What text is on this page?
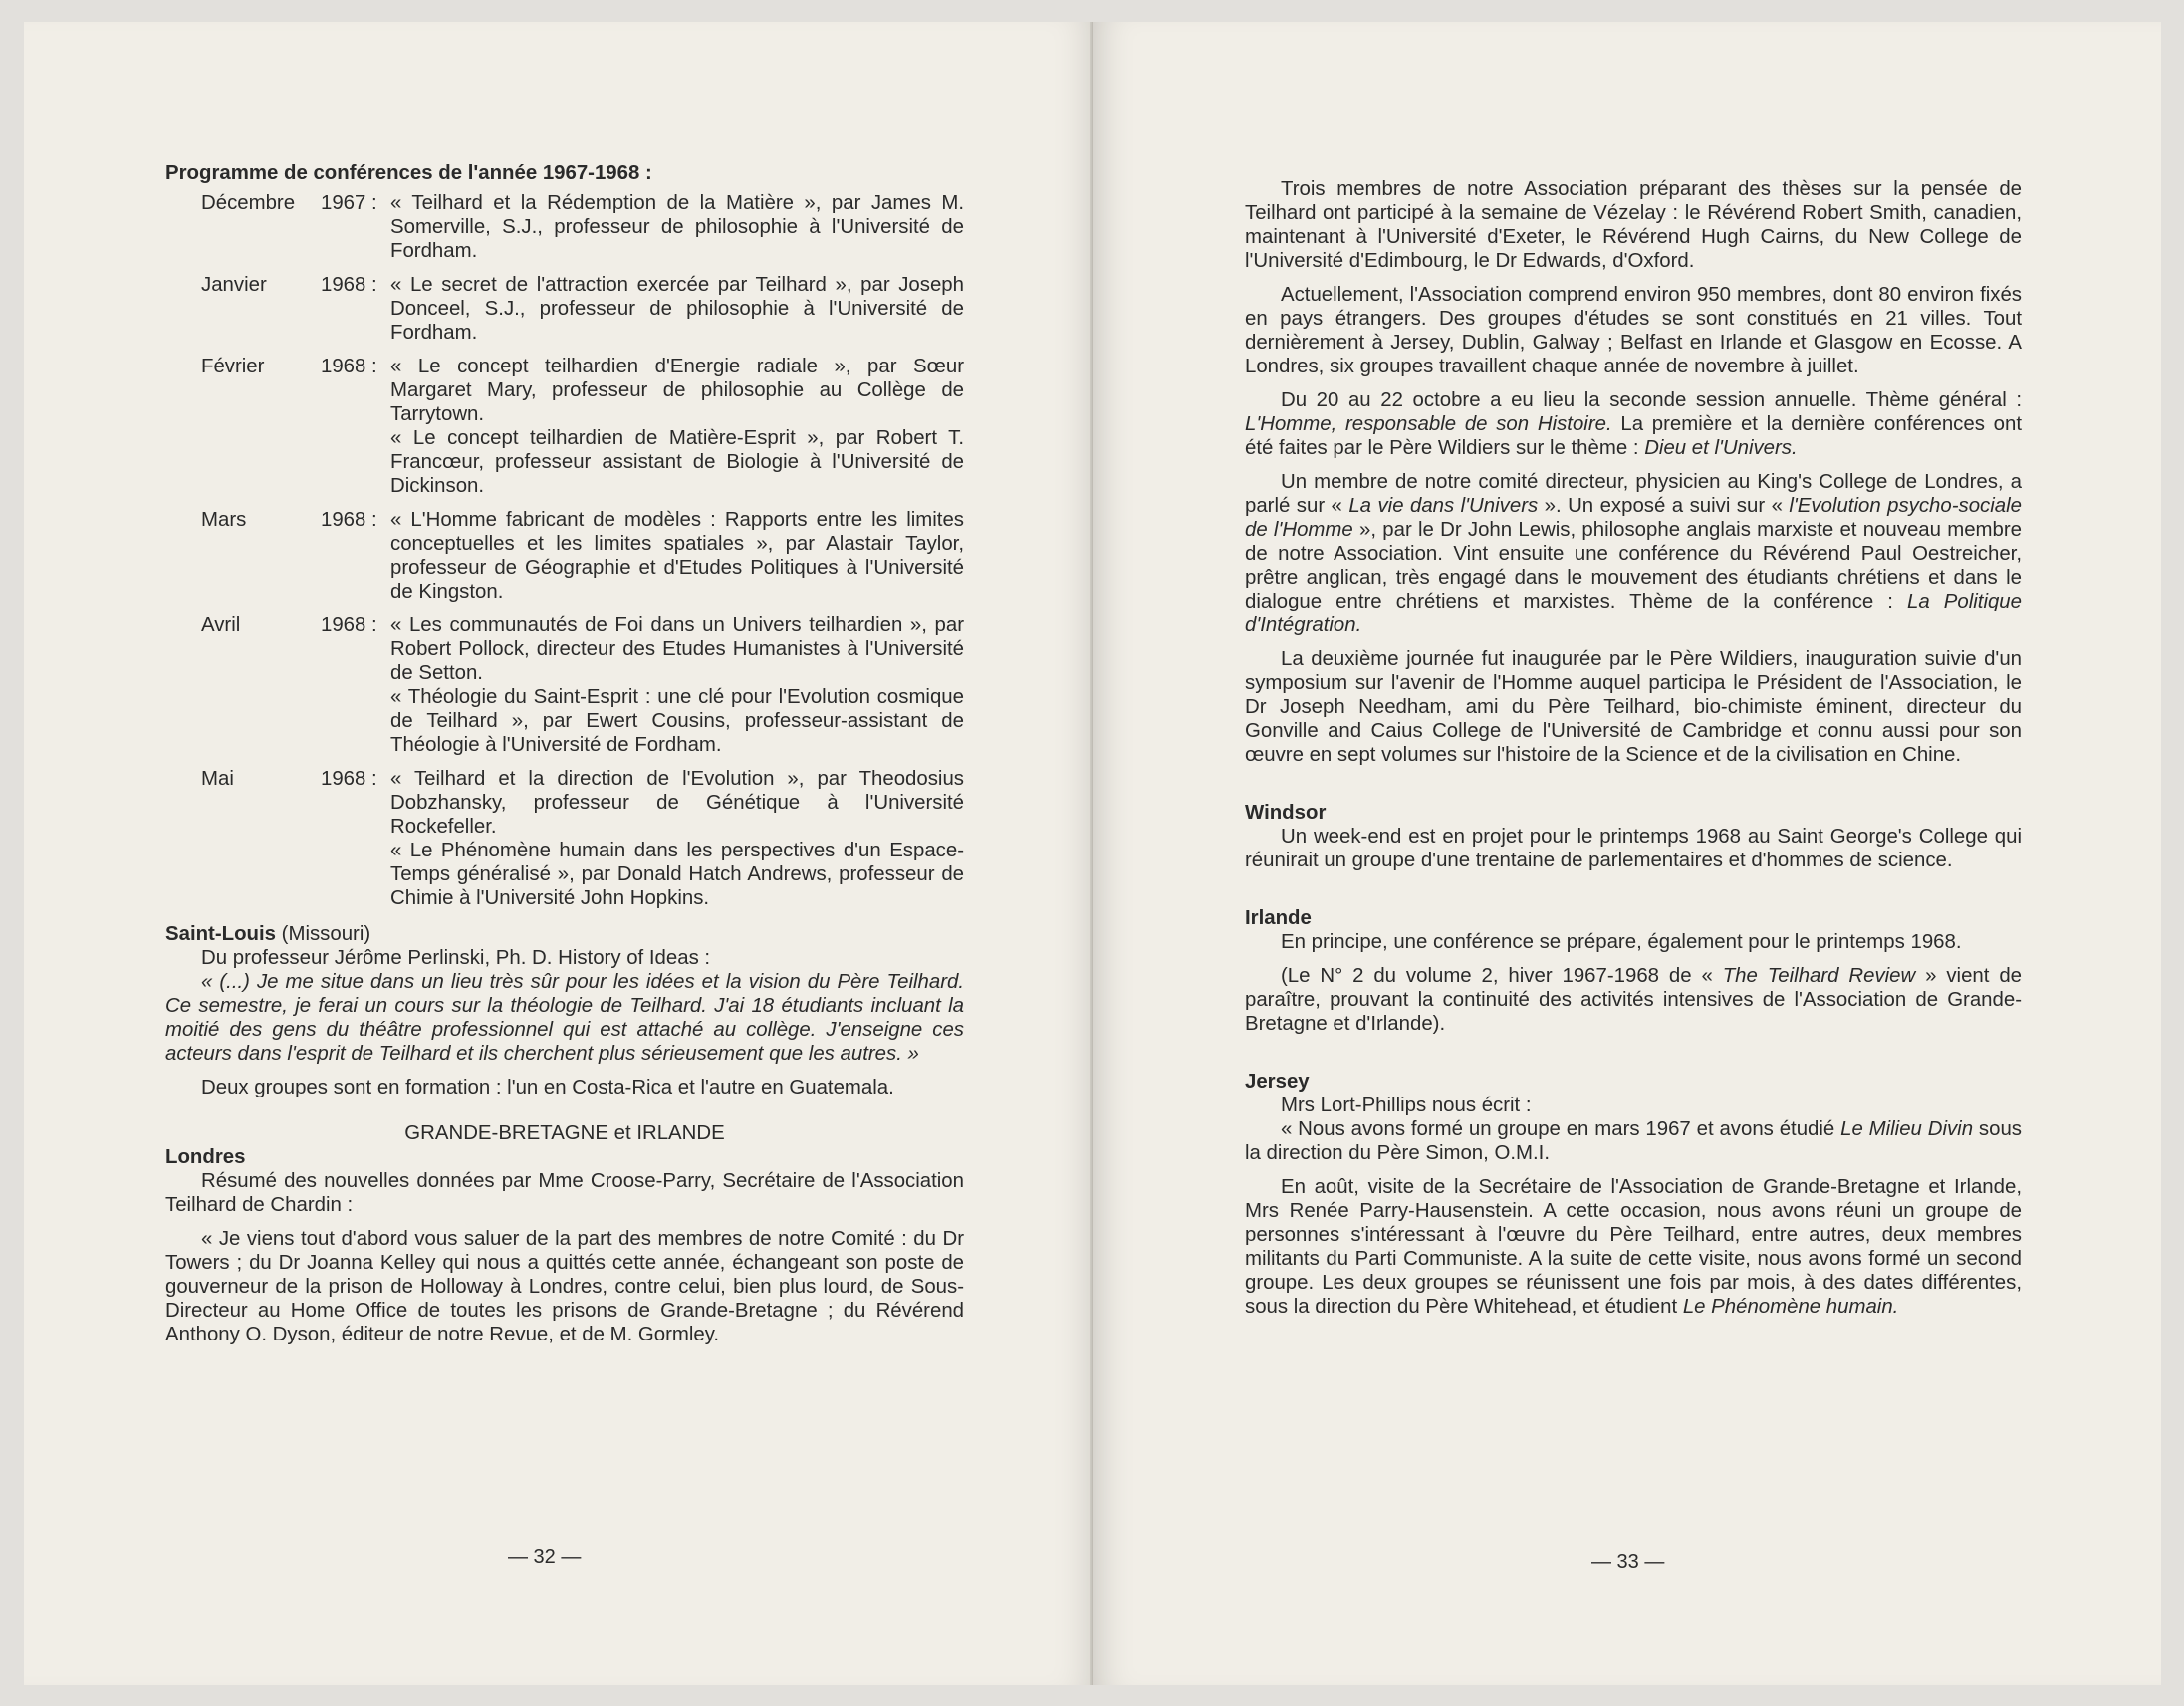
Programme de conférences de l'année 1967-1968 :

Décembre	1967 : « Teilhard et la Rédemption de la Matière », par James M. Somerville, S.J., professeur de philosophie à l'Université de Fordham.

Janvier	1968 : « Le secret de l'attraction exercée par Teilhard », par Joseph Donceel, S.J., professeur de philosophie à l'Université de Fordham.

Février	1968 : « Le concept teilhardien d'Energie radiale », par Sœur Margaret Mary, professeur de philosophie au Collège de Tarrytown.

« Le concept teilhardien de Matière-Esprit », par Robert T. Francœur, professeur assistant de Biologie à l'Université de Dickinson.

Mars	1968 : « L'Homme fabricant de modèles : Rapports entre les limites conceptuelles et les limites spatiales », par Alastair Taylor, professeur de Géographie et d'Etudes Politiques à l'Université de Kingston.

Avril	1968 : « Les communautés de Foi dans un Univers teilhardien », par Robert Pollock, directeur des Etudes Humanistes à l'Université de Setton.

« Théologie du Saint-Esprit : une clé pour l'Evolution cosmique de Teilhard », par Ewert Cousins, professeur-assistant de Théologie à l'Université de Fordham.

Mai	1968 : « Teilhard et la direction de l'Evolution », par Theodosius Dobzhansky, professeur de Génétique à l'Université Rockefeller.

« Le Phénomène humain dans les perspectives d'un Espace-Temps généralisé », par Donald Hatch Andrews, professeur de Chimie à l'Université John Hopkins.

Saint-Louis (Missouri)

Du professeur Jérôme Perlinski, Ph. D. History of Ideas :

« (...) Je me situe dans un lieu très sûr pour les idées et la vision du Père Teilhard. Ce semestre, je ferai un cours sur la théologie de Teilhard. J'ai 18 étudiants incluant la moitié des gens du théâtre professionnel qui est attaché au collège. J'enseigne ces acteurs dans l'esprit de Teilhard et ils cherchent plus sérieusement que les autres. »

Deux groupes sont en formation : l'un en Costa-Rica et l'autre en Guatemala.

GRANDE-BRETAGNE et IRLANDE

Londres

Résumé des nouvelles données par Mme Croose-Parry, Secrétaire de l'Association Teilhard de Chardin :

« Je viens tout d'abord vous saluer de la part des membres de notre Comité : du Dr Towers ; du Dr Joanna Kelley qui nous a quittés cette année, échangeant son poste de gouverneur de la prison de Holloway à Londres, contre celui, bien plus lourd, de Sous-Directeur au Home Office de toutes les prisons de Grande-Bretagne ; du Révérend Anthony O. Dyson, éditeur de notre Revue, et de M. Gormley.

— 32 —

Trois membres de notre Association préparant des thèses sur la pensée de Teilhard ont participé à la semaine de Vézelay : le Révérend Robert Smith, canadien, maintenant à l'Université d'Exeter, le Révérend Hugh Cairns, du New College de l'Université d'Edimbourg, le Dr Edwards, d'Oxford.

Actuellement, l'Association comprend environ 950 membres, dont 80 environ fixés en pays étrangers. Des groupes d'études se sont constitués en 21 villes. Tout dernièrement à Jersey, Dublin, Galway ; Belfast en Irlande et Glasgow en Ecosse. A Londres, six groupes travaillent chaque année de novembre à juillet.

Du 20 au 22 octobre a eu lieu la seconde session annuelle. Thème général : L'Homme, responsable de son Histoire. La première et la dernière conférences ont été faites par le Père Wildiers sur le thème : Dieu et l'Univers.

Un membre de notre comité directeur, physicien au King's College de Londres, a parlé sur « La vie dans l'Univers ». Un exposé a suivi sur « l'Evolution psycho-sociale de l'Homme », par le Dr John Lewis, philosophe anglais marxiste et nouveau membre de notre Association. Vint ensuite une conférence du Révérend Paul Oestreicher, prêtre anglican, très engagé dans le mouvement des étudiants chrétiens et dans le dialogue entre chrétiens et marxistes. Thème de la conférence : La Politique d'Intégration.

La deuxième journée fut inaugurée par le Père Wildiers, inauguration suivie d'un symposium sur l'avenir de l'Homme auquel participa le Président de l'Association, le Dr Joseph Needham, ami du Père Teilhard, bio-chimiste éminent, directeur du Gonville and Caius College de l'Université de Cambridge et connu aussi pour son œuvre en sept volumes sur l'histoire de la Science et de la civilisation en Chine.

Windsor

Un week-end est en projet pour le printemps 1968 au Saint George's College qui réunirait un groupe d'une trentaine de parlementaires et d'hommes de science.

Irlande

En principe, une conférence se prépare, également pour le printemps 1968.

(Le N° 2 du volume 2, hiver 1967-1968 de « The Teilhard Review » vient de paraître, prouvant la continuité des activités intensives de l'Association de Grande-Bretagne et d'Irlande).

Jersey

Mrs Lort-Phillips nous écrit :

« Nous avons formé un groupe en mars 1967 et avons étudié Le Milieu Divin sous la direction du Père Simon, O.M.I.

En août, visite de la Secrétaire de l'Association de Grande-Bretagne et Irlande, Mrs Renée Parry-Hausenstein. A cette occasion, nous avons réuni un groupe de personnes s'intéressant à l'œuvre du Père Teilhard, entre autres, deux membres militants du Parti Communiste. A la suite de cette visite, nous avons formé un second groupe. Les deux groupes se réunissent une fois par mois, à des dates différentes, sous la direction du Père Whitehead, et étudient Le Phénomène humain.

— 33 —
